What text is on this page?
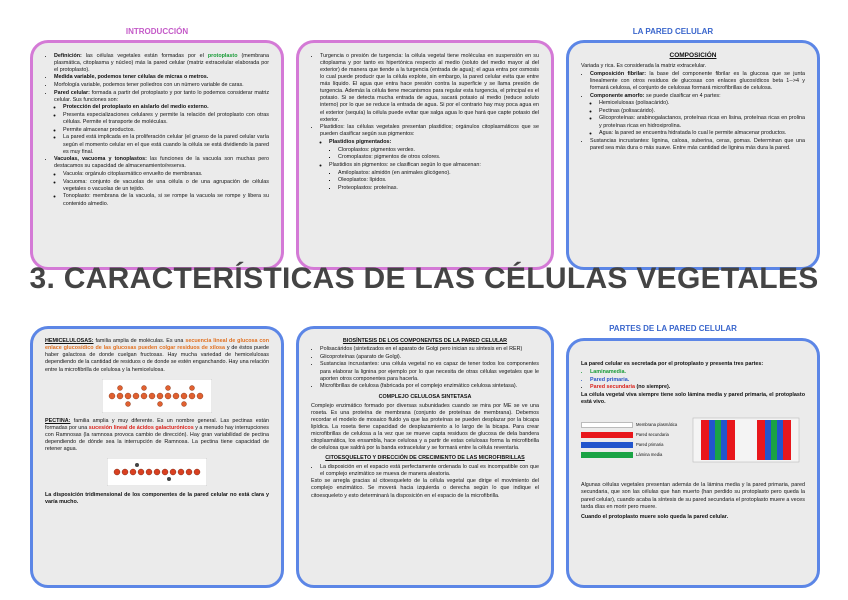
INTRODUCCIÓN	LA PARED CELULAR
• Definición: las células vegetales están formadas por el protoplasto (membrana plasmática, citoplasma y núcleo) más la pared celular (matriz extracelular elaborada por el protoplasto).
• Medida variable, podemos tener células de micras o metros.
• Morfología variable, podemos tener poliedros con un número variable de caras.
• Pared celular: formada a partir del protoplasto y por tanto lo podemos considerar matriz celular. Sus funciones son:
◦ Protección del protoplasto en aislarlo del medio externo.
◦ Presenta especializaciones celulares y permite la relación del protoplasto con otras células. Permite el transporte de moléculas.
◦ Permite almacenar productos.
◦ La pared está implicada en la proliferación celular (el grueso de la pared celular varía según el momento celular en el que está cuando la célula se está dividiendo la pared es muy final.
• Vacuolas, vacuoma y tonoplastos: las funciones de la vacuola son muchas pero destacamos su capacidad de almacenamiento/reserva.
◦ Vacuola: orgánulo citoplasmático envuelto de membranas.
◦ Vacuoma: conjunto de vacuolas de una célula o de una agrupación de células vegetales o vacuolas de un tejido.
◦ Tonoplasto: membrana de la vacuola, si se rompe la vacuola se rompe y libera su contenido almedio.
• Turgencia o presión de turgencia: la célula vegetal tiene moléculas en suspensión en su citoplasma y por tanto es hipertónica respecto al medio (soluto del medio mayor al del exterior) de manera que tiende a la turgencia (entrada de agua); el agua entra por osmosis lo cual puede producir que la célula explote, sin embargo, la pared celular evita que entre más líquido. El agua que entra hace presión contra la superficie y se llama presión de turgencia. Además la célula tiene mecanismos para regular esta turgencia, el principal es el potasio. Si se detecta mucha entrada de agua, sacará potasio al medio (reduce soluto interno) por lo que se reduce la entrada de agua. Si por el contrario hay muy poca agua en el exterior (sequía) la célula puede evitar que salga agua lo que hará que capte potasio del exterior.
• Plastidios: las células vegetales presentan plastidios; orgánulos citoplasmáticos que se pueden clasificar según sus pigmentos:
◦ Plastidios pigmentados:
▪ Cloroplastos: pigmentos verdes.
▪ Cromoplastos: pigmentos de otros colores.
◦ Plastidios sin pigmentos: se clasifican según lo que almacenan:
▪ Amiloplastos: almidón (en animales glicógeno).
▪ Oleoplastos: lípidos.
▪ Proteoplastos: proteínas.
COMPOSICIÓN

Variada y rica. Es considerada la matriz extracelular.

• Composición fibrilar: la base del componente fibrilar es la glucosa que se junta linealmente con otros residuos de glucosas con enlaces glucosídicos beta 1-->4 y formará celulosa, el conjunto de celulosas formará microfibrillas de celulosa.
• Componente amorfo: se puede clasificar en 4 partes:
◦ Hemicelulosas (polisacárido).
◦ Pectinas (polisacárido).
◦ Glicoproteínas: arabinogalactanos, proteínas ricas en lisina, proteínas ricas en prolina y proteínas ricas en hidroxiprolina.
◦ Agua: la pared se encuentra hidratada lo cual le permite almacenar productos.
• Sustancias incrustantes: lignina, calosa, suberina, ceras, gomas. Determinan que una pared sea más dura o más suave. Entre más cantidad de lignina más dura la pared.
3. CARACTERÍSTICAS DE LAS CÉLULAS VEGETALES
PARTES DE LA PARED CELULAR

HEMICELULOSAS: familia amplia de moléculas. Es una secuencia lineal de glucosa con enlace glucosídico de las glucosas pueden colgar residuos de xilosa y de éstos puede haber galactosa de donde cuelgan fructosas. Hay mucha variedad de hemicelulosas dependiendo de la cantidad de residuos o de donde se estén enganchando. Hay una relación entre la microfibrilla de celulosa y la hemicelulosa.

PECTINA: familia amplia y muy diferente. Es un nombre general. Las pectinas están formadas por una sucesión lineal de ácidos galacturónicos y a menudo hay interrupciones con Ramnosas (la ramnosa provoca cambio de dirección). Hay gran variabilidad de pectina dependiendo de dónde sea la interrupción de Ramnosa. La pectina tiene capacidad de retener agua.

La disposición tridimensional de los componentes de la pared celular no está clara y varía mucho.

BIOSÍNTESIS DE LOS COMPONENTES DE LA PARED CELULAR
• Polisacáridos (sintetizados en el aparato de Golgi pero inician su síntesis en el RER)
• Glicoproteínas (aparato de Golgi).
• Sustancias incrustantes: una célula vegetal no es capaz de tener todos los componentes para elaborar la lignina por ejemplo por lo que necesita de otras células vegetales que le aporten otros componentes para hacerla.
• Microfibrillas de celulosa (fabricada por el complejo enzimático celulosa sintetasa).
COMPLEJO CELULOSA SINTETASA

Complejo enzimático formado por diversas subunidades cuando se mira por ME se ve una roseta. Es una proteína de membrana (conjunto de proteínas de membrana). Debemos recordar el modelo de mosaico fluido ya que las proteínas se pueden desplazar por la bicapa lipídica. La roseta tiene capacidad de desplazamiento a lo largo de la bicapa. Para crear microfibrillas de celulosa a la vez que se mueve capta residuos de glucosa de dela bandera citoplasmática, los ensambla, hace celulosa y a partir de estas celulosas forma la microfibrilla de celulosa que saldrá por la banda extracelular y se formará entre la célula reventaría.

CITOESQUELETO Y DIRECCIÓN DE CRECIMIENTO DE LAS MICROFIBRILLAS
• La disposición en el espacio está perfectamente ordenada lo cual es incompatible con que el complejo enzimático se mueva de manera aleatoria.

Esto se arregla gracias al citoesqueleto de la célula vegetal que dirige el movimiento del complejo enzimático. Se moverá hacia izquierda o derecha según lo que indique el citoesqueleto y esto determinará la disposición en el espacio de la microfibrilla.

La pared celular es secretada por el protoplasto y presenta tres partes:

• Laminamedia.
• Pared primaria.
• Pared secundaria (no siempre).

La célula vegetal viva siempre tiene solo lámina media y pared primaria, el protoplasto está vivo.

Membrana plasmática
Pared secundaria
Pared primaria
Lámina media

Algunas células vegetales presentan además de la lámina media y la pared primaria, pared secundaria, que son las células que han muerto (han perdido su protoplasto pero queda la pared celular), cuando acaba la síntesis de su pared secundaria el protoplasto muere a veces tarda días en morir pero muere.

Cuando el protoplasto muere solo queda la pared celular.
